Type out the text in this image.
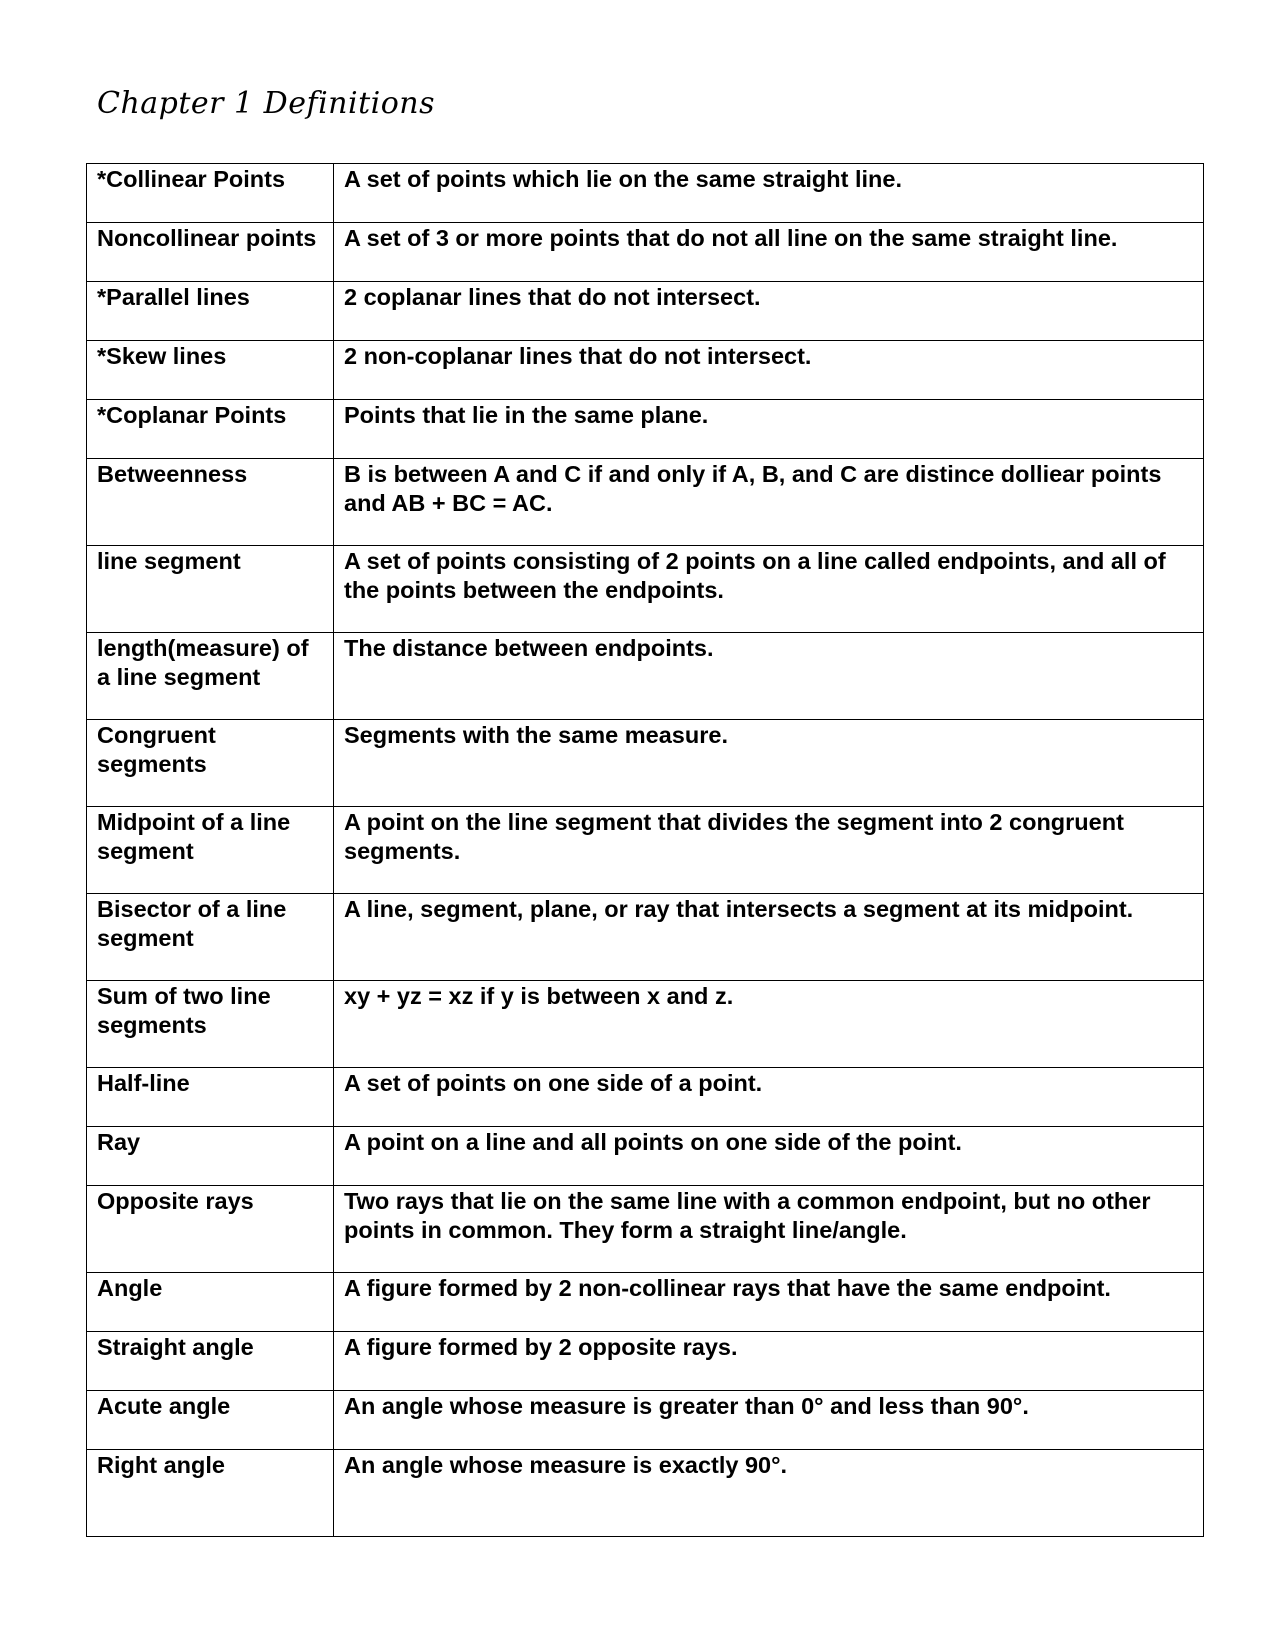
Chapter 1 Definitions
*Collinear Points	A set of points which lie on the same straight line.

Noncollinear points	A set of 3 or more points that do not all line on the same straight line.

*Parallel lines	2 coplanar lines that do not intersect.

*Skew lines	2 non-coplanar lines that do not intersect.

*Coplanar Points	Points that lie in the same plane.

Betweenness	B is between A and C if and only if A, B, and C are distince dolliear points and AB + BC = AC.

line segment	A set of points consisting of 2 points on a line called endpoints, and all of the points between the endpoints.

length(measure) of a line segment	The distance between endpoints.

Congruent segments	Segments with the same measure.

Midpoint of a line segment	A point on the line segment that divides the segment into 2 congruent segments.

Bisector of a line segment	A line, segment, plane, or ray that intersects a segment at its midpoint.

Sum of two line segments	xy + yz = xz if y is between x and z.

Half-line	A set of points on one side of a point.

Ray	A point on a line and all points on one side of the point.

Opposite rays	Two rays that lie on the same line with a common endpoint, but no other points in common. They form a straight line/angle.

Angle	A figure formed by 2 non-collinear rays that have the same endpoint.

Straight angle	A figure formed by 2 opposite rays.

Acute angle	An angle whose measure is greater than 0° and less than 90°.

Right angle	An angle whose measure is exactly 90°.
